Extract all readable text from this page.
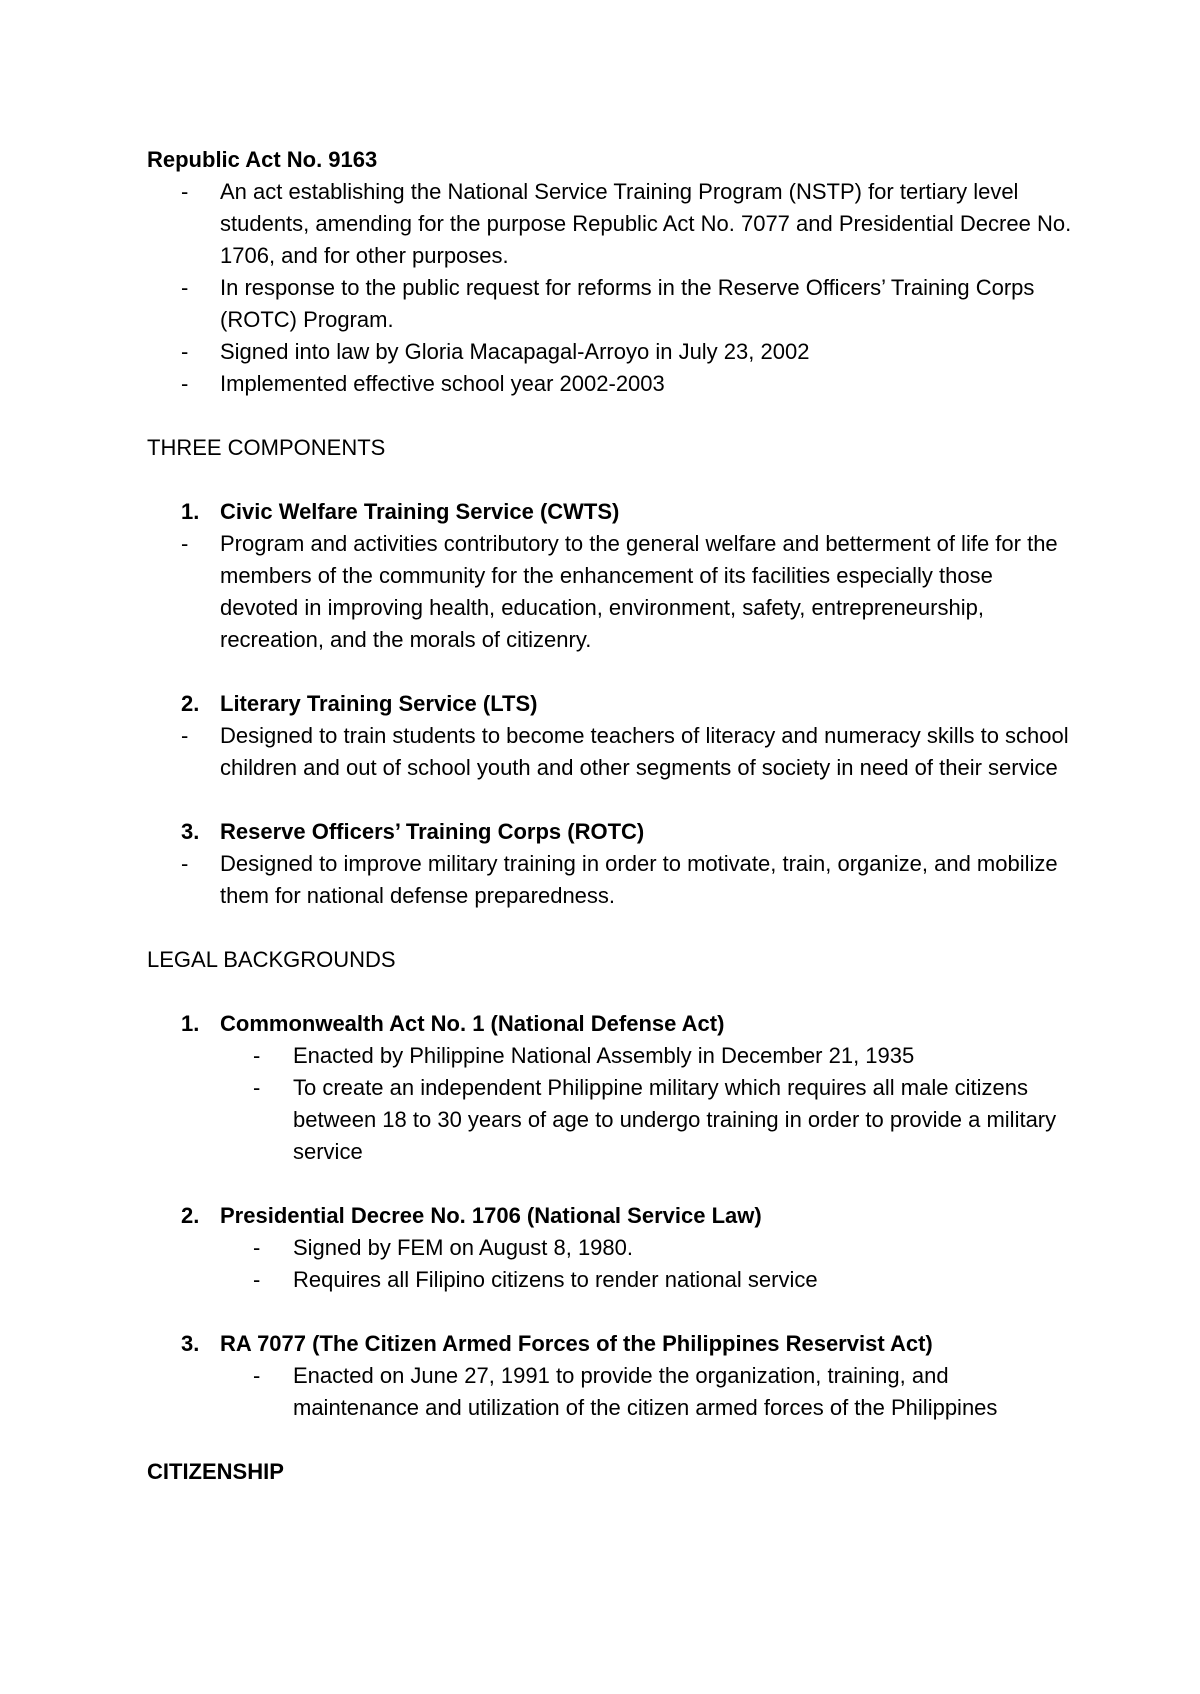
Republic Act No. 9163
- An act establishing the National Service Training Program (NSTP) for tertiary level students, amending for the purpose Republic Act No. 7077 and Presidential Decree No. 1706, and for other purposes.
- In response to the public request for reforms in the Reserve Officers’ Training Corps (ROTC) Program.
- Signed into law by Gloria Macapagal-Arroyo in July 23, 2002
- Implemented effective school year 2002-2003
THREE COMPONENTS
1. Civic Welfare Training Service (CWTS)
- Program and activities contributory to the general welfare and betterment of life for the members of the community for the enhancement of its facilities especially those devoted in improving health, education, environment, safety, entrepreneurship, recreation, and the morals of citizenry.
2. Literary Training Service (LTS)
- Designed to train students to become teachers of literacy and numeracy skills to school children and out of school youth and other segments of society in need of their service
3. Reserve Officers’ Training Corps (ROTC)
- Designed to improve military training in order to motivate, train, organize, and mobilize them for national defense preparedness.
LEGAL BACKGROUNDS
1. Commonwealth Act No. 1 (National Defense Act)
- Enacted by Philippine National Assembly in December 21, 1935
- To create an independent Philippine military which requires all male citizens between 18 to 30 years of age to undergo training in order to provide a military service
2. Presidential Decree No. 1706 (National Service Law)
- Signed by FEM on August 8, 1980.
- Requires all Filipino citizens to render national service
3. RA 7077 (The Citizen Armed Forces of the Philippines Reservist Act)
- Enacted on June 27, 1991 to provide the organization, training, and maintenance and utilization of the citizen armed forces of the Philippines
CITIZENSHIP
